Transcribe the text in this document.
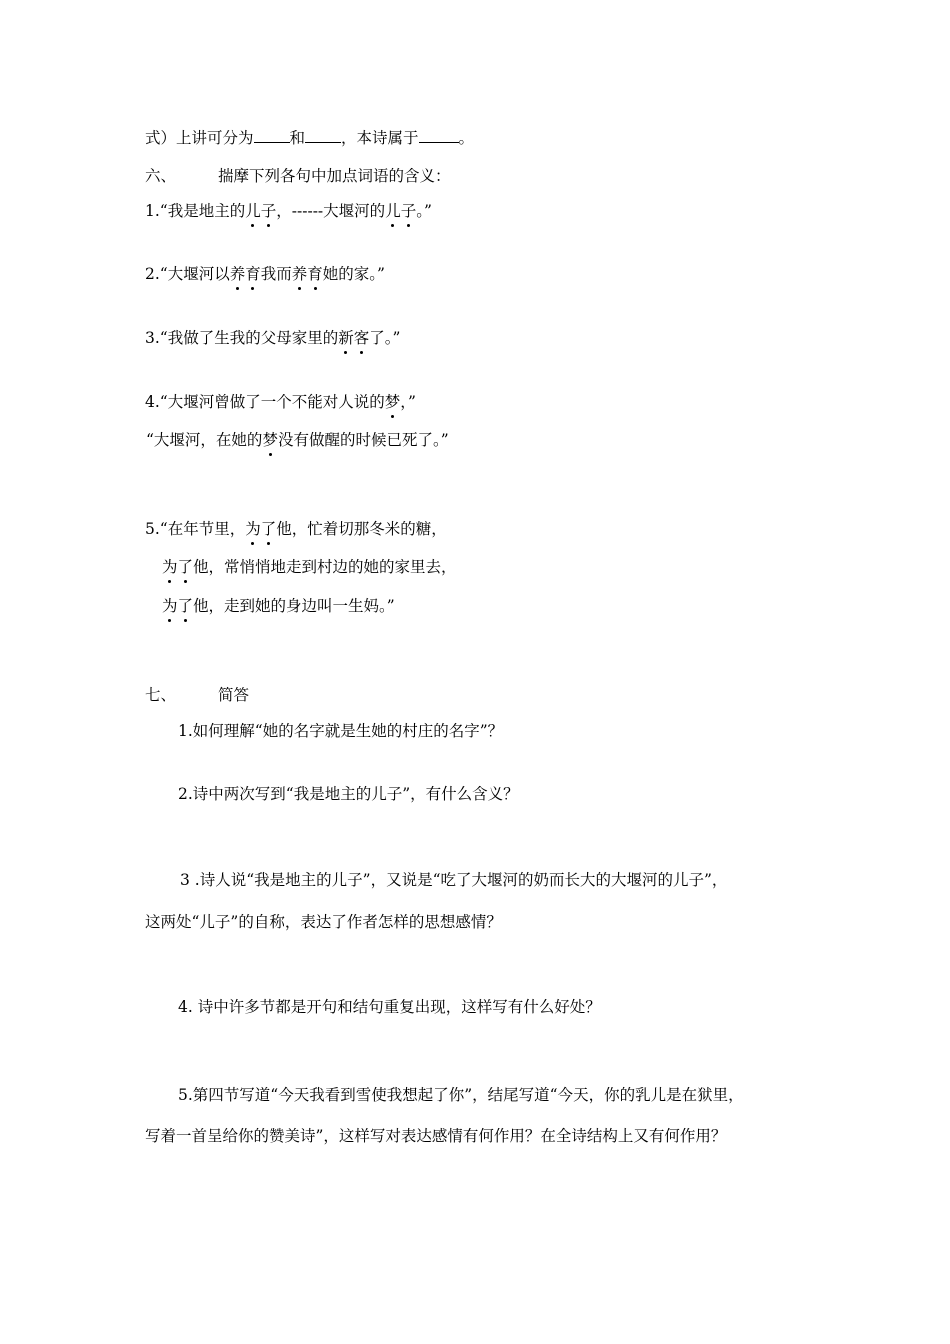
式）上讲可分为 和 ，本诗属于	。
六、	揣摩下列各句中加点词语的含义：
1.“我是地主的儿子，------大堰河的儿子。”
2.“大堰河以养育我而养育她的家。”
3.“我做了生我的父母家里的新客了。”
4.“大堰河曾做了一个不能对人说的梦，”
“大堰河，在她的梦没有做醒的时候已死了。”
5.“在年节里，为了他，忙着切那冬米的糖，
为了他，常悄悄地走到村边的她的家里去，
为了他，走到她的身边叫一生妈。”
七、	简答
1.如何理解“她的名字就是生她的村庄的名字”？
2.诗中两次写到“我是地主的儿子”，有什么含义？
3 .诗人说“我是地主的儿子”，又说是“吃了大堰河的奶而长大的大堰河的儿子”，
这两处“儿子”的自称，表达了作者怎样的思想感情？
4. 诗中许多节都是开句和结句重复出现，这样写有什么好处？
5.第四节写道“今天我看到雪使我想起了你”，结尾写道“今天，你的乳儿是在狱里，
写着一首呈给你的赞美诗”，这样写对表达感情有何作用？在全诗结构上又有何作用？
